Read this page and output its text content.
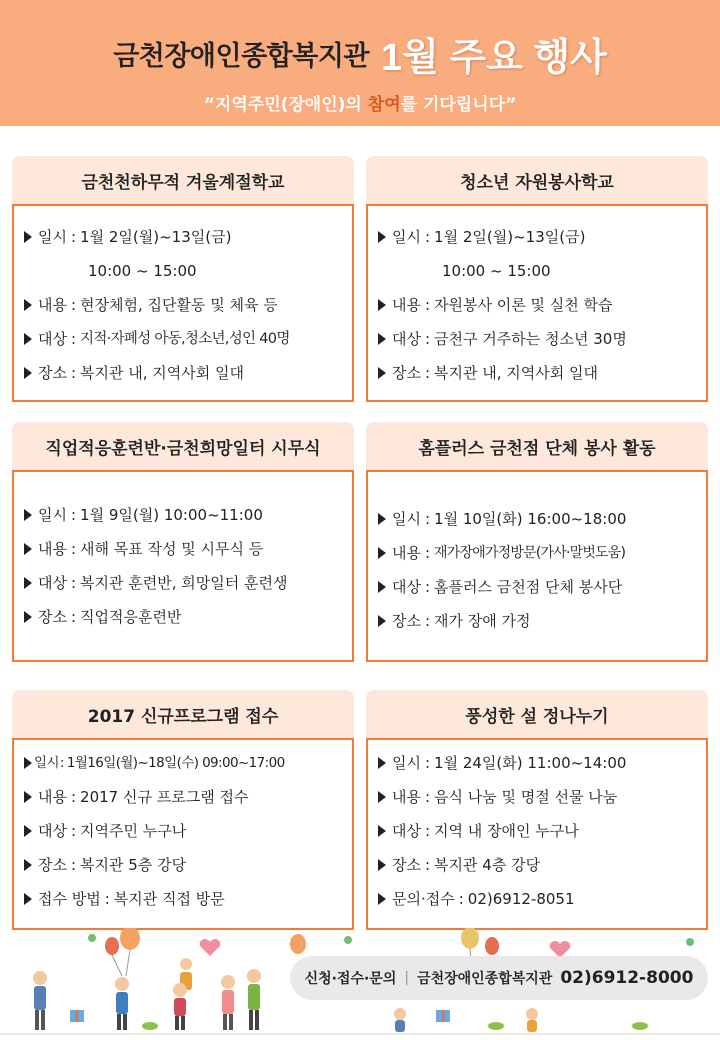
금천장애인종합복지관 1월 주요 행사
“지역주민(장애인)의 참여를 기다립니다”
금천천하무적 겨울계절학교
일시 : 1월 2일(월)~13일(금)
10:00 ~ 15:00
내용 : 현장체험, 집단활동 및 체육 등
대상 : 지적·자폐성 아동,청소년,성인 40명
장소 : 복지관 내, 지역사회 일대
청소년 자원봉사학교
일시 : 1월 2일(월)~13일(금)
10:00 ~ 15:00
내용 : 자원봉사 이론 및 실천 학습
대상 : 금천구 거주하는 청소년 30명
장소 : 복지관 내, 지역사회 일대
직업적응훈련반·금천희망일터 시무식
일시 : 1월 9일(월) 10:00~11:00
내용 : 새해 목표 작성 및 시무식 등
대상 : 복지관 훈련반, 희망일터 훈련생
장소 : 직업적응훈련반
홈플러스 금천점 단체 봉사 활동
일시 : 1월 10일(화) 16:00~18:00
내용 : 재가장애가정방문(가사·말벗도움)
대상 : 홈플러스 금천점 단체 봉사단
장소 : 재가 장애 가정
2017 신규프로그램 접수
일시 : 1월16일(월)~18일(수) 09:00~17:00
내용 : 2017 신규 프로그램 접수
대상 : 지역주민 누구나
장소 : 복지관 5층 강당
접수 방법 : 복지관 직접 방문
풍성한 설 정나누기
일시 : 1월 24일(화) 11:00~14:00
내용 : 음식 나눔 및 명절 선물 나눔
대상 : 지역 내 장애인 누구나
장소 : 복지관 4층 강당
문의·접수 : 02)6912-8051
신청·접수·문의 | 금천장애인종합복지관 02)6912-8000
